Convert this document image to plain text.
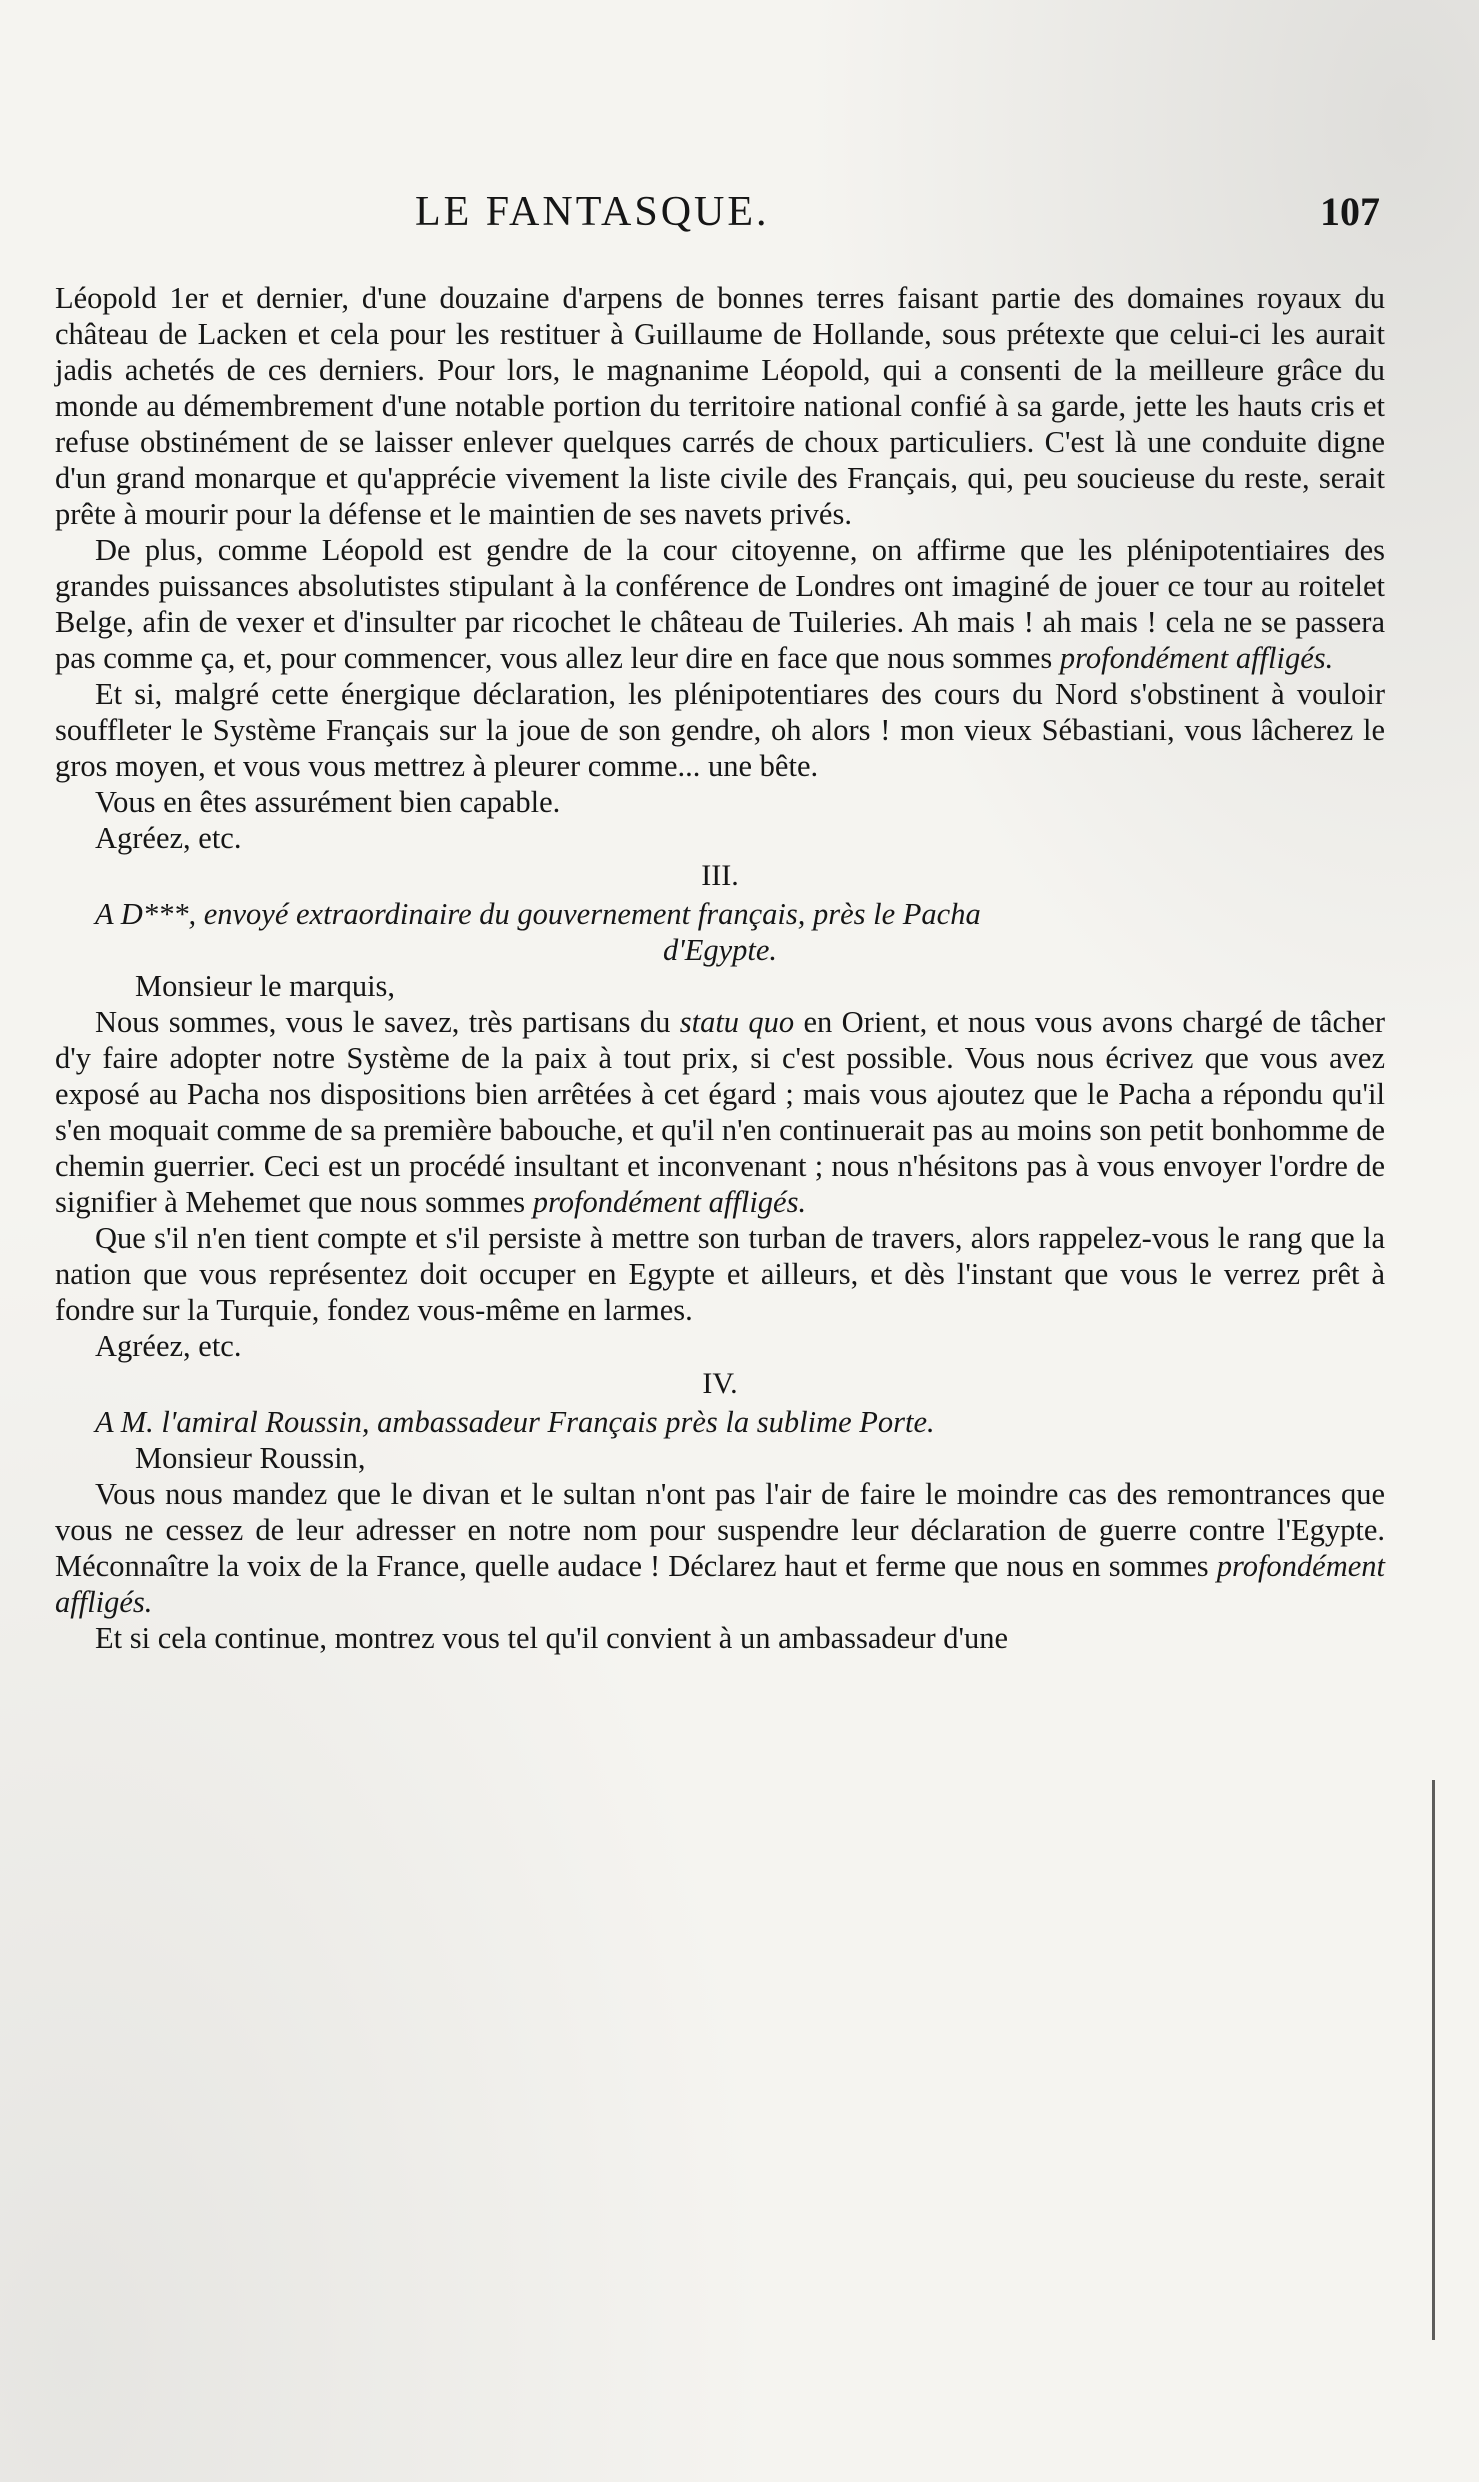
LE FANTASQUE.	107

Léopold 1er et dernier, d'une douzaine d'arpens de bonnes terres faisant partie des domaines royaux du château de Lacken et cela pour les restituer à Guillaume de Hollande, sous prétexte que celui-ci les aurait jadis achetés de ces derniers. Pour lors, le magnanime Léopold, qui a consenti de la meilleure grâce du monde au démembrement d'une notable portion du territoire national confié à sa garde, jette les hauts cris et refuse obstinément de se laisser enlever quelques carrés de choux particuliers. C'est là une conduite digne d'un grand monarque et qu'apprécie vivement la liste civile des Français, qui, peu soucieuse du reste, serait prête à mourir pour la défense et le maintien de ses navets privés.

De plus, comme Léopold est gendre de la cour citoyenne, on affirme que les plénipotentiaires des grandes puissances absolutistes stipulant à la conférence de Londres ont imaginé de jouer ce tour au roitelet Belge, afin de vexer et d'insulter par ricochet le château de Tuileries. Ah mais ! ah mais ! cela ne se passera pas comme ça, et, pour commencer, vous allez leur dire en face que nous sommes profondément affligés.

Et si, malgré cette énergique déclaration, les plénipotentiares des cours du Nord s'obstinent à vouloir souffleter le Système Français sur la joue de son gendre, oh alors ! mon vieux Sébastiani, vous lâcherez le gros moyen, et vous vous mettrez à pleurer comme... une bête.

Vous en êtes assurément bien capable.

Agréez, etc.

III.

A D***, envoyé extraordinaire du gouvernement français, près le Pacha

d'Egypte.

Monsieur le marquis,

Nous sommes, vous le savez, très partisans du statu quo en Orient, et nous vous avons chargé de tâcher d'y faire adopter notre Système de la paix à tout prix, si c'est possible. Vous nous écrivez que vous avez exposé au Pacha nos dispositions bien arrêtées à cet égard ; mais vous ajoutez que le Pacha a répondu qu'il s'en moquait comme de sa première babouche, et qu'il n'en continuerait pas au moins son petit bonhomme de chemin guerrier. Ceci est un procédé insultant et inconvenant ; nous n'hésitons pas à vous envoyer l'ordre de signifier à Mehemet que nous sommes profondément affligés.

Que s'il n'en tient compte et s'il persiste à mettre son turban de travers, alors rappelez-vous le rang que la nation que vous représentez doit occuper en Egypte et ailleurs, et dès l'instant que vous le verrez prêt à fondre sur la Turquie, fondez vous-même en larmes.

Agréez, etc.

IV.

A M. l'amiral Roussin, ambassadeur Français près la sublime Porte.

Monsieur Roussin,

Vous nous mandez que le divan et le sultan n'ont pas l'air de faire le moindre cas des remontrances que vous ne cessez de leur adresser en notre nom pour suspendre leur déclaration de guerre contre l'Egypte. Méconnaître la voix de la France, quelle audace ! Déclarez haut et ferme que nous en sommes profondément affligés.

Et si cela continue, montrez vous tel qu'il convient à un ambassadeur d'une
